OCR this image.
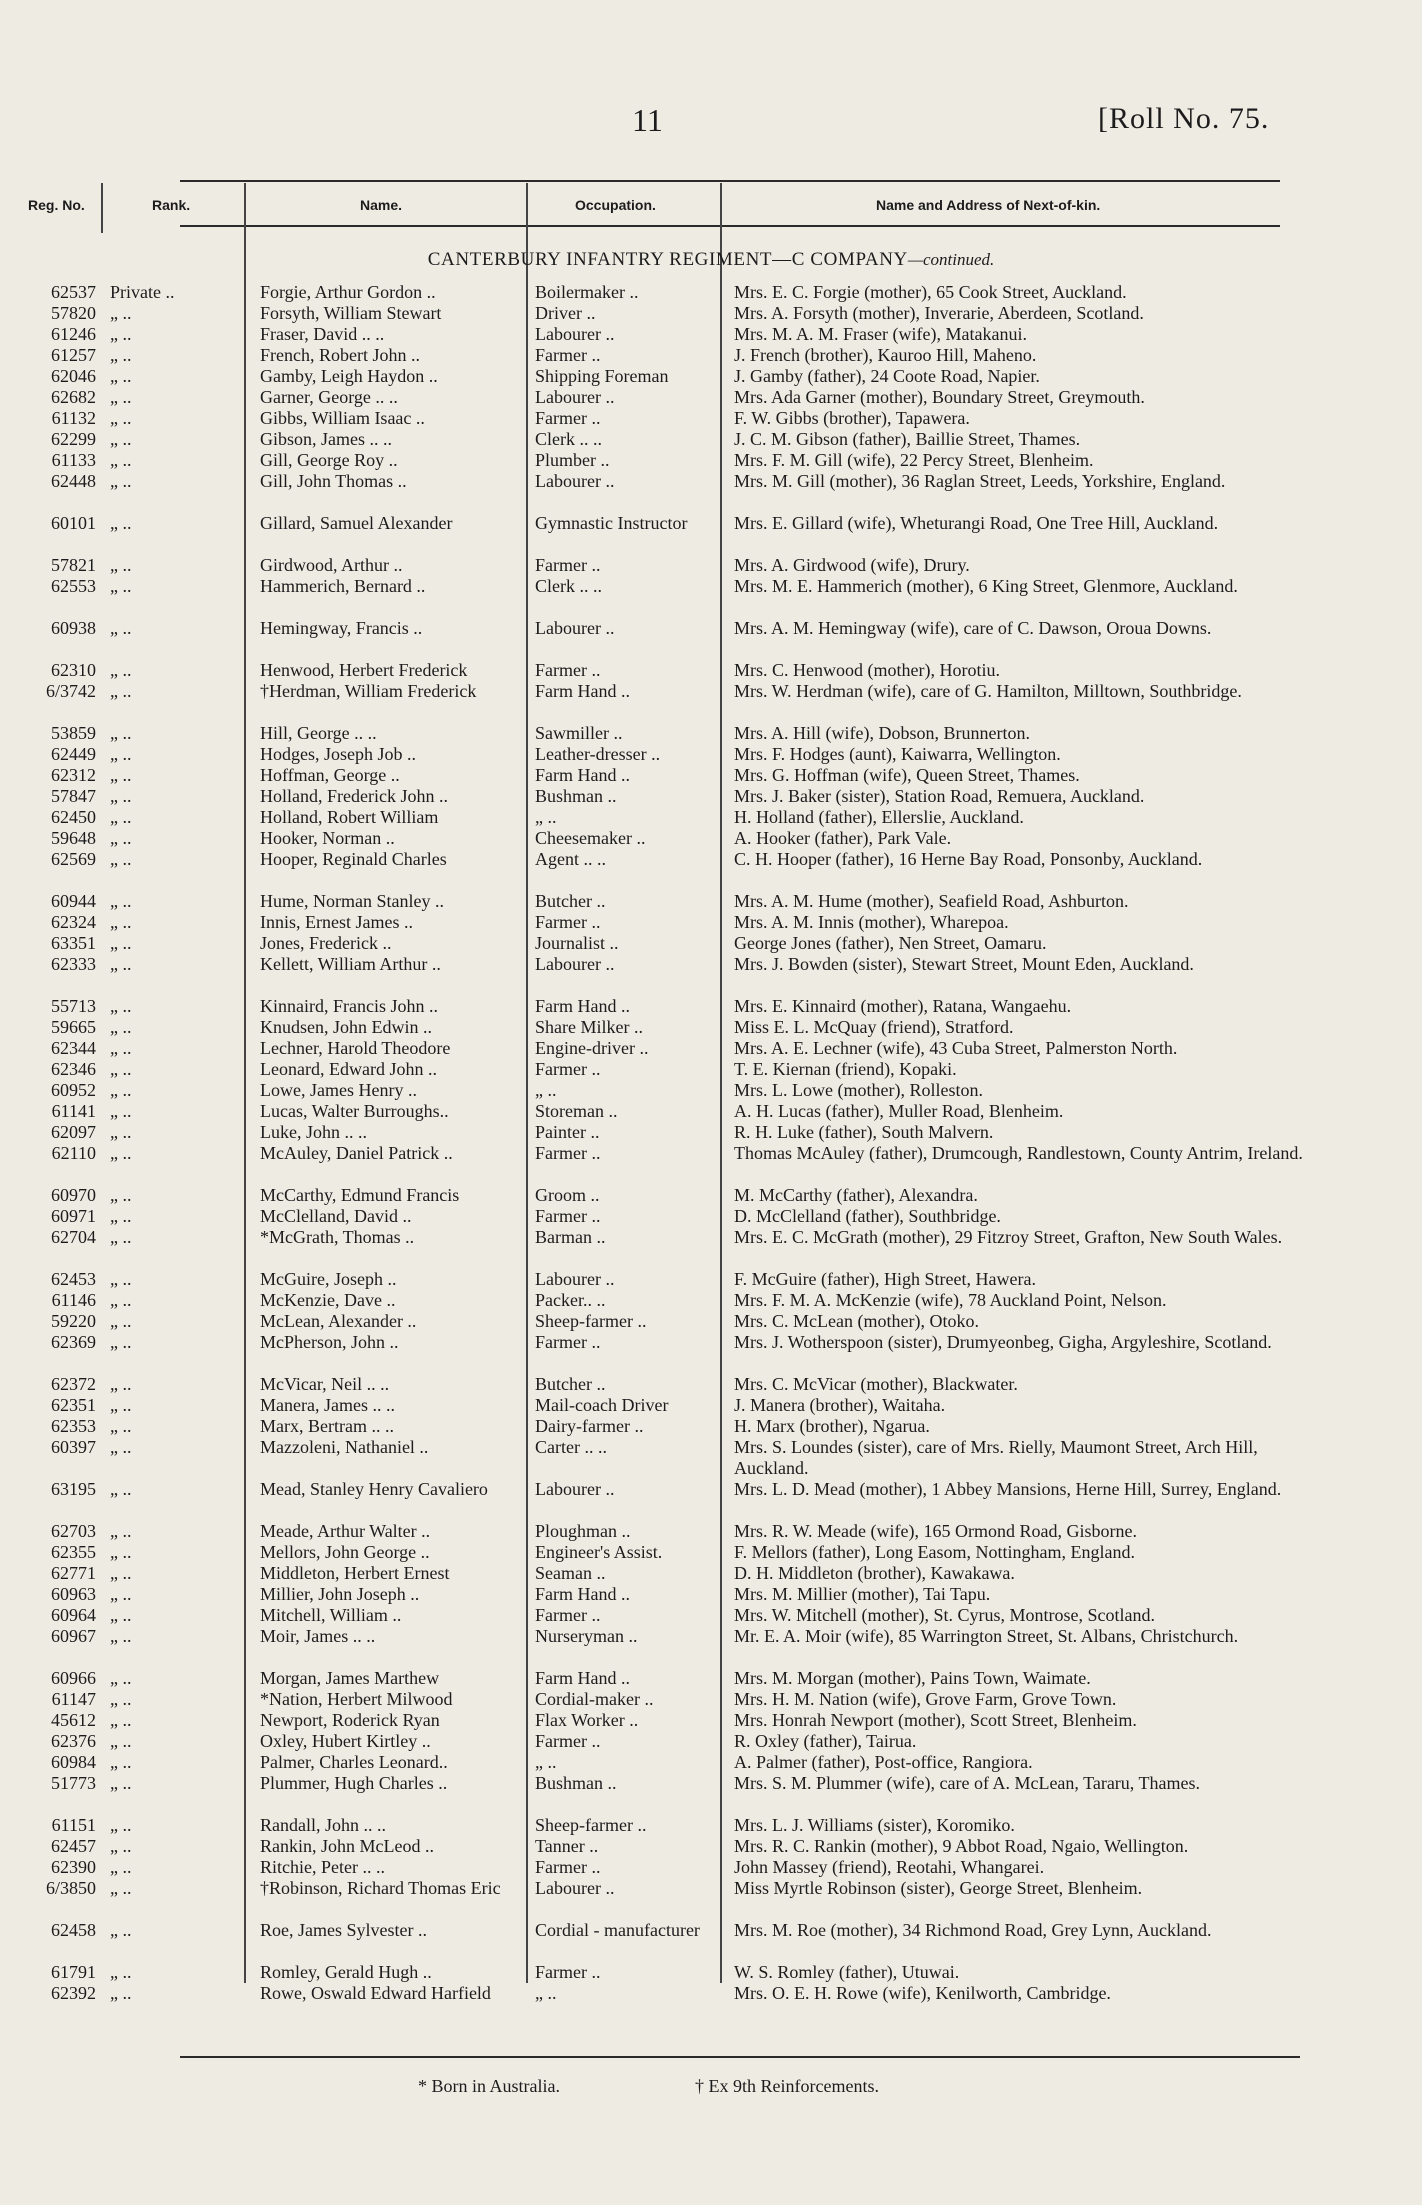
11	[Roll No. 75.
Reg. No.	Rank.	Name.	Occupation.	Name and Address of Next-of-kin.
CANTERBURY INFANTRY REGIMENT—C COMPANY—continued.
62537 Private ..	Forgie, Arthur Gordon ..	Boilermaker ..	Mrs. E. C. Forgie (mother), 65 Cook Street, Auckland.
57820 „ ..	Forsyth, William Stewart	Driver ..	Mrs. A. Forsyth (mother), Inverarie, Aberdeen, Scotland.
61246 „ ..	Fraser, David .. ..	Labourer ..	Mrs. M. A. M. Fraser (wife), Matakanui.
61257 „ ..	French, Robert John ..	Farmer ..	J. French (brother), Kauroo Hill, Maheno.
62046 „ ..	Gamby, Leigh Haydon ..	Shipping Foreman	J. Gamby (father), 24 Coote Road, Napier.
62682 „ ..	Garner, George .. ..	Labourer ..	Mrs. Ada Garner (mother), Boundary Street, Greymouth.
61132 „ ..	Gibbs, William Isaac ..	Farmer ..	F. W. Gibbs (brother), Tapawera.
62299 „ ..	Gibson, James .. ..	Clerk .. ..	J. C. M. Gibson (father), Baillie Street, Thames.
61133 „ ..	Gill, George Roy ..	Plumber ..	Mrs. F. M. Gill (wife), 22 Percy Street, Blenheim.
62448 „ ..	Gill, John Thomas ..	Labourer ..	Mrs. M. Gill (mother), 36 Raglan Street, Leeds, Yorkshire, England.
60101 „ ..	Gillard, Samuel Alexander	Gymnastic Instructor	Mrs. E. Gillard (wife), Wheturangi Road, One Tree Hill, Auckland.
57821 „ ..	Girdwood, Arthur ..	Farmer ..	Mrs. A. Girdwood (wife), Drury.
62553 „ ..	Hammerich, Bernard ..	Clerk .. ..	Mrs. M. E. Hammerich (mother), 6 King Street, Glenmore, Auckland.
60938 „ ..	Hemingway, Francis ..	Labourer ..	Mrs. A. M. Hemingway (wife), care of C. Dawson, Oroua Downs.
62310 „ ..	Henwood, Herbert Frederick	Farmer ..	Mrs. C. Henwood (mother), Horotiu.
6/3742 „ ..	†Herdman, William Frederick	Farm Hand ..	Mrs. W. Herdman (wife), care of G. Hamilton, Milltown, Southbridge.
53859 „ ..	Hill, George .. ..	Sawmiller ..	Mrs. A. Hill (wife), Dobson, Brunnerton.
62449 „ ..	Hodges, Joseph Job ..	Leather-dresser ..	Mrs. F. Hodges (aunt), Kaiwarra, Wellington.
62312 „ ..	Hoffman, George ..	Farm Hand ..	Mrs. G. Hoffman (wife), Queen Street, Thames.
57847 „ ..	Holland, Frederick John ..	Bushman ..	Mrs. J. Baker (sister), Station Road, Remuera, Auckland.
62450 „ ..	Holland, Robert William	„ ..	H. Holland (father), Ellerslie, Auckland.
59648 „ ..	Hooker, Norman ..	Cheesemaker ..	A. Hooker (father), Park Vale.
62569 „ ..	Hooper, Reginald Charles	Agent .. ..	C. H. Hooper (father), 16 Herne Bay Road, Ponsonby, Auckland.
60944 „ ..	Hume, Norman Stanley ..	Butcher ..	Mrs. A. M. Hume (mother), Seafield Road, Ashburton.
62324 „ ..	Innis, Ernest James ..	Farmer ..	Mrs. A. M. Innis (mother), Wharepoa.
63351 „ ..	Jones, Frederick ..	Journalist ..	George Jones (father), Nen Street, Oamaru.
62333 „ ..	Kellett, William Arthur ..	Labourer ..	Mrs. J. Bowden (sister), Stewart Street, Mount Eden, Auckland.
55713 „ ..	Kinnaird, Francis John ..	Farm Hand ..	Mrs. E. Kinnaird (mother), Ratana, Wangaehu.
59665 „ ..	Knudsen, John Edwin ..	Share Milker ..	Miss E. L. McQuay (friend), Stratford.
62344 „ ..	Lechner, Harold Theodore	Engine-driver ..	Mrs. A. E. Lechner (wife), 43 Cuba Street, Palmerston North.
62346 „ ..	Leonard, Edward John ..	Farmer ..	T. E. Kiernan (friend), Kopaki.
60952 „ ..	Lowe, James Henry ..	„ ..	Mrs. L. Lowe (mother), Rolleston.
61141 „ ..	Lucas, Walter Burroughs..	Storeman ..	A. H. Lucas (father), Muller Road, Blenheim.
62097 „ ..	Luke, John .. ..	Painter ..	R. H. Luke (father), South Malvern.
62110 „ ..	McAuley, Daniel Patrick ..	Farmer ..	Thomas McAuley (father), Drumcough, Randlestown, County Antrim, Ireland.
60970 „ ..	McCarthy, Edmund Francis	Groom ..	M. McCarthy (father), Alexandra.
60971 „ ..	McClelland, David ..	Farmer ..	D. McClelland (father), Southbridge.
62704 „ ..	*McGrath, Thomas ..	Barman ..	Mrs. E. C. McGrath (mother), 29 Fitzroy Street, Grafton, New South Wales.
62453 „ ..	McGuire, Joseph ..	Labourer ..	F. McGuire (father), High Street, Hawera.
61146 „ ..	McKenzie, Dave ..	Packer.. ..	Mrs. F. M. A. McKenzie (wife), 78 Auckland Point, Nelson.
59220 „ ..	McLean, Alexander ..	Sheep-farmer ..	Mrs. C. McLean (mother), Otoko.
62369 „ ..	McPherson, John ..	Farmer ..	Mrs. J. Wotherspoon (sister), Drumyeonbeg, Gigha, Argyleshire, Scotland.
62372 „ ..	McVicar, Neil .. ..	Butcher ..	Mrs. C. McVicar (mother), Blackwater.
62351 „ ..	Manera, James .. ..	Mail-coach Driver	J. Manera (brother), Waitaha.
62353 „ ..	Marx, Bertram .. ..	Dairy-farmer ..	H. Marx (brother), Ngarua.
60397 „ ..	Mazzoleni, Nathaniel ..	Carter .. ..	Mrs. S. Loundes (sister), care of Mrs. Rielly, Maumont Street, Arch Hill, Auckland.
63195 „ ..	Mead, Stanley Henry Cavaliero	Labourer ..	Mrs. L. D. Mead (mother), 1 Abbey Mansions, Herne Hill, Surrey, England.
62703 „ ..	Meade, Arthur Walter ..	Ploughman ..	Mrs. R. W. Meade (wife), 165 Ormond Road, Gisborne.
62355 „ ..	Mellors, John George ..	Engineer's Assist.	F. Mellors (father), Long Easom, Nottingham, England.
62771 „ ..	Middleton, Herbert Ernest	Seaman ..	D. H. Middleton (brother), Kawakawa.
60963 „ ..	Millier, John Joseph ..	Farm Hand ..	Mrs. M. Millier (mother), Tai Tapu.
60964 „ ..	Mitchell, William ..	Farmer ..	Mrs. W. Mitchell (mother), St. Cyrus, Montrose, Scotland.
60967 „ ..	Moir, James .. ..	Nurseryman ..	Mr. E. A. Moir (wife), 85 Warrington Street, St. Albans, Christchurch.
60966 „ ..	Morgan, James Marthew	Farm Hand ..	Mrs. M. Morgan (mother), Pains Town, Waimate.
61147 „ ..	*Nation, Herbert Milwood	Cordial-maker ..	Mrs. H. M. Nation (wife), Grove Farm, Grove Town.
45612 „ ..	Newport, Roderick Ryan	Flax Worker ..	Mrs. Honrah Newport (mother), Scott Street, Blenheim.
62376 „ ..	Oxley, Hubert Kirtley ..	Farmer ..	R. Oxley (father), Tairua.
60984 „ ..	Palmer, Charles Leonard..	„ ..	A. Palmer (father), Post-office, Rangiora.
51773 „ ..	Plummer, Hugh Charles ..	Bushman ..	Mrs. S. M. Plummer (wife), care of A. McLean, Tararu, Thames.
61151 „ ..	Randall, John .. ..	Sheep-farmer ..	Mrs. L. J. Williams (sister), Koromiko.
62457 „ ..	Rankin, John McLeod ..	Tanner ..	Mrs. R. C. Rankin (mother), 9 Abbot Road, Ngaio, Wellington.
62390 „ ..	Ritchie, Peter .. ..	Farmer ..	John Massey (friend), Reotahi, Whangarei.
6/3850 „ ..	†Robinson, Richard Thomas Eric	Labourer ..	Miss Myrtle Robinson (sister), George Street, Blenheim.
62458 „ ..	Roe, James Sylvester ..	Cordial - manufacturer	Mrs. M. Roe (mother), 34 Richmond Road, Grey Lynn, Auckland.
61791 „ ..	Romley, Gerald Hugh ..	Farmer ..	W. S. Romley (father), Utuwai.
62392 „ ..	Rowe, Oswald Edward Harfield	„ ..	Mrs. O. E. H. Rowe (wife), Kenilworth, Cambridge.
* Born in Australia.	† Ex 9th Reinforcements.
